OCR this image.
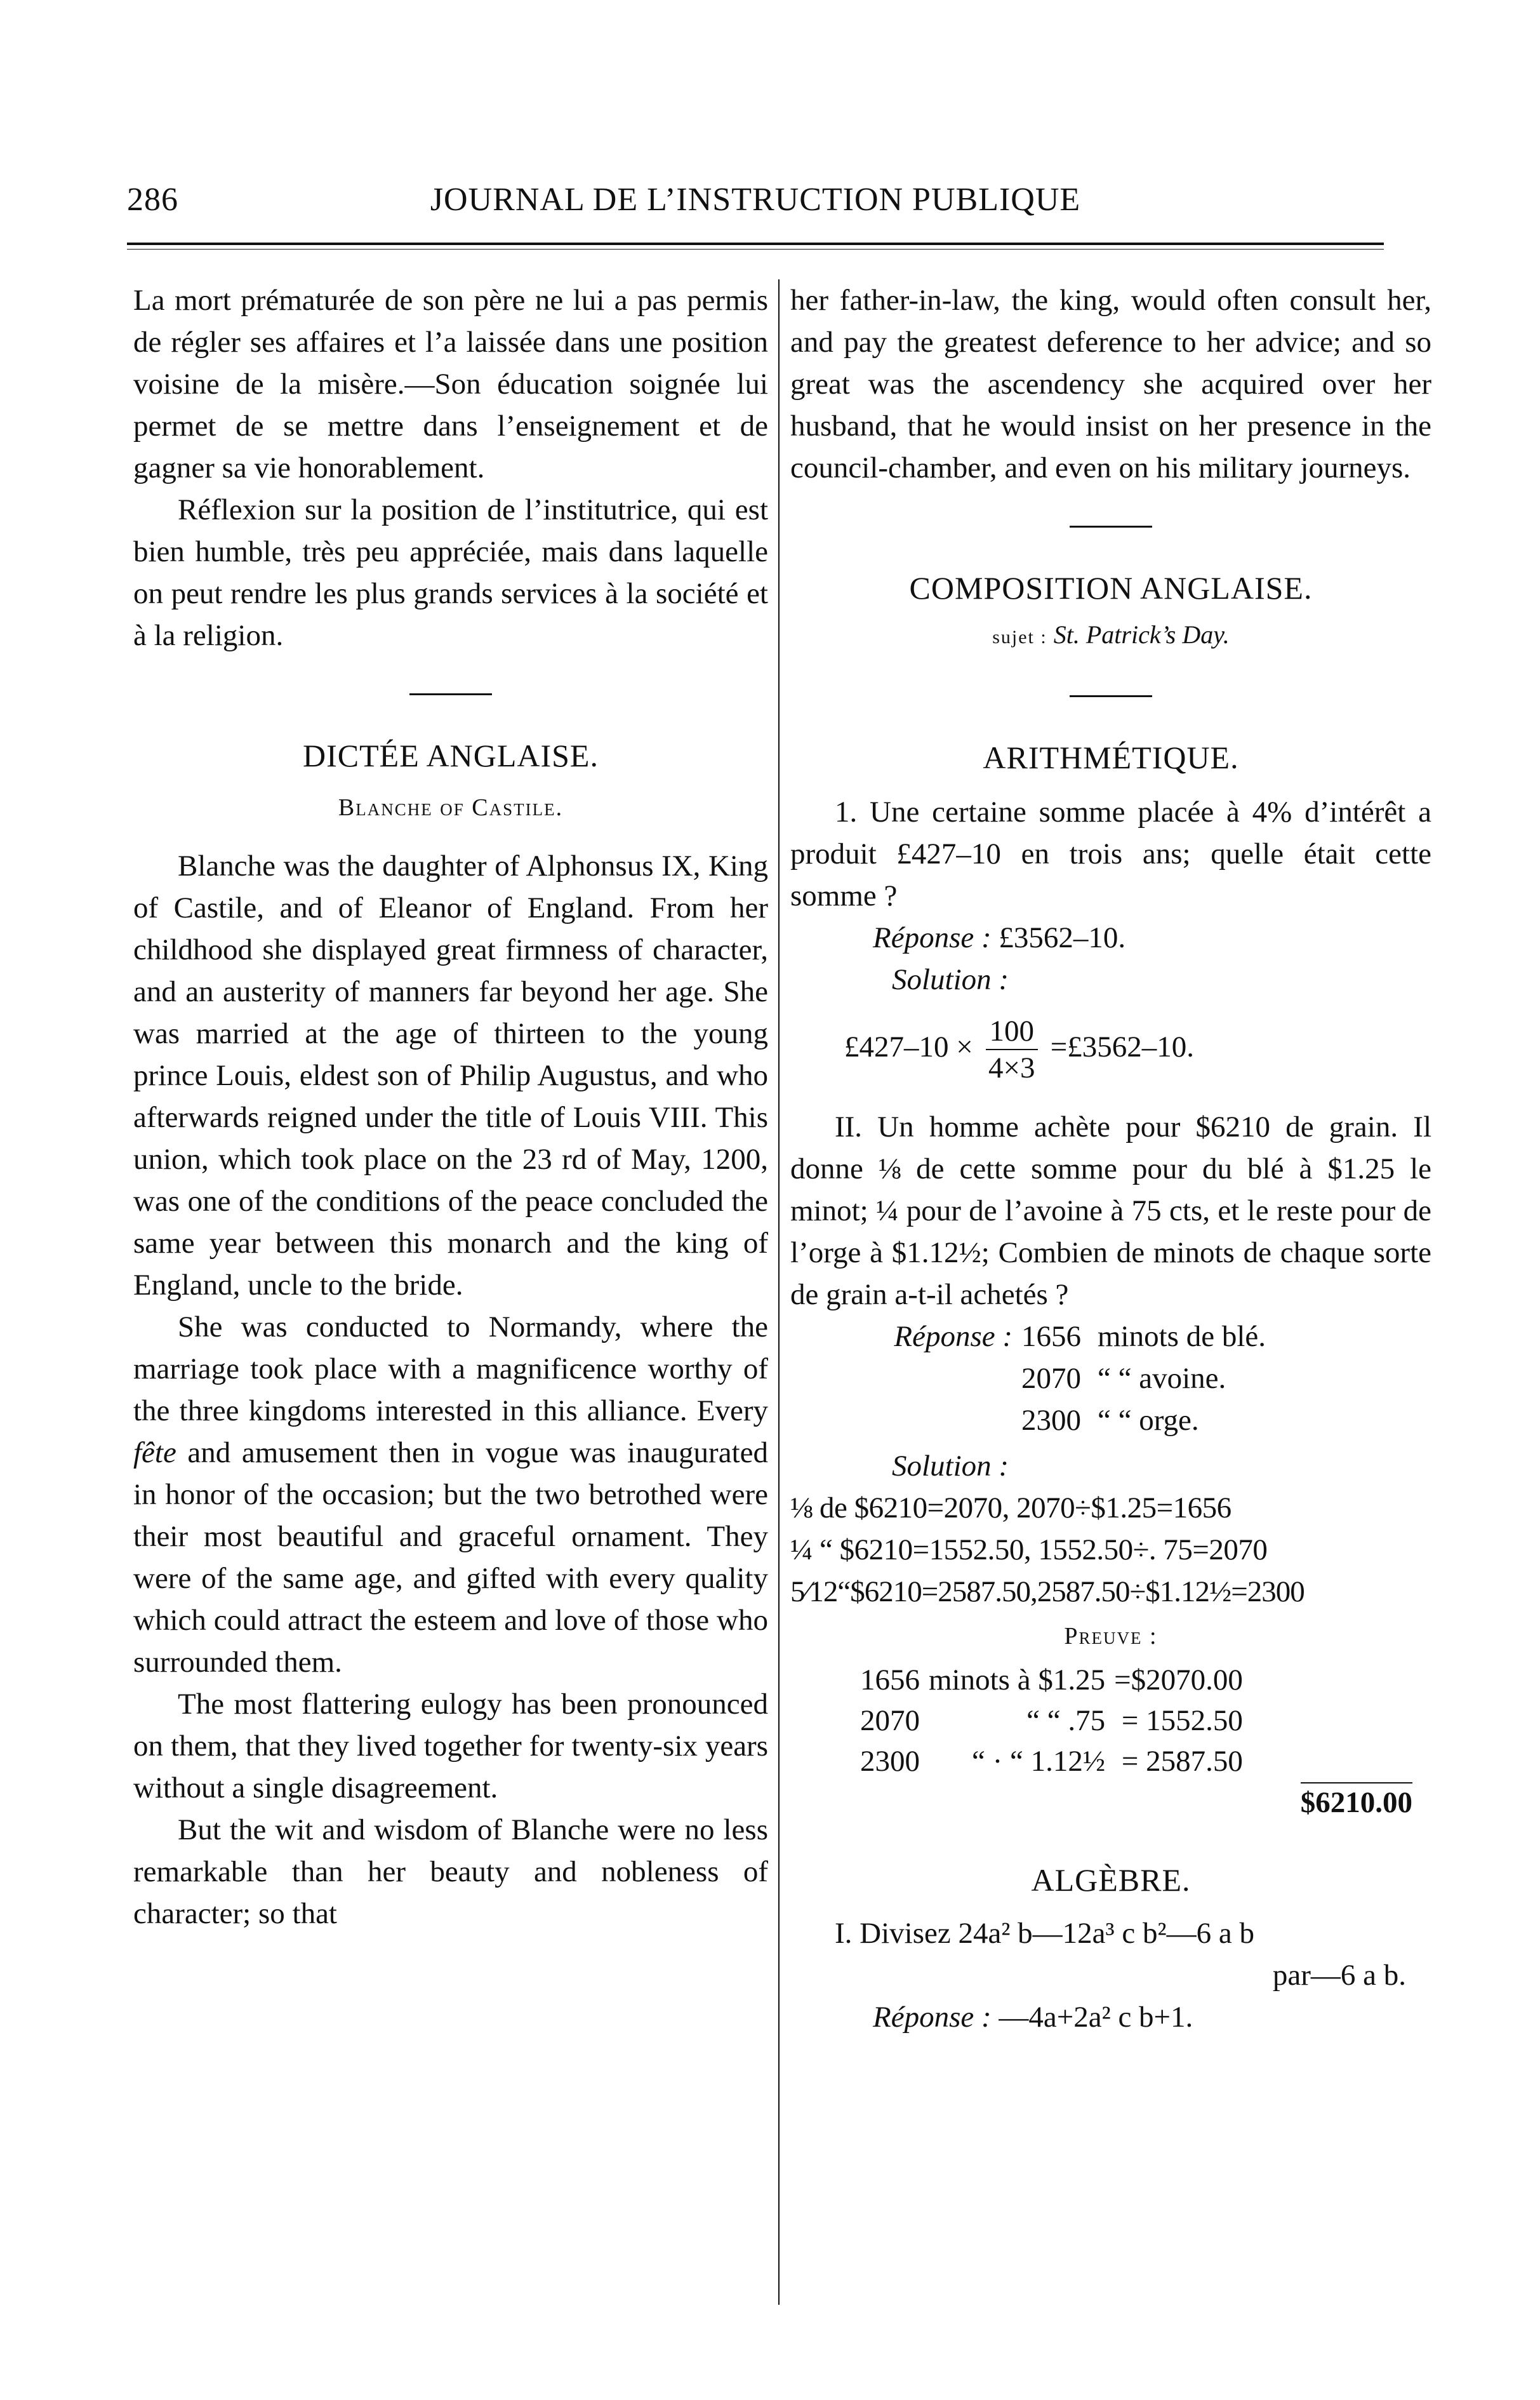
286	JOURNAL DE L’INSTRUCTION PUBLIQUE

La mort prématurée de son père ne lui a pas permis de régler ses affaires et l’a laissée dans une position voisine de la misère.—Son éducation soignée lui permet de se mettre dans l’enseignement et de gagner sa vie honorablement.

Réflexion sur la position de l’institutrice, qui est bien humble, très peu appréciée, mais dans laquelle on peut rendre les plus grands services à la société et à la religion.

DICTÉE ANGLAISE.

Blanche of Castile.

Blanche was the daughter of Alphonsus IX, King of Castile, and of Eleanor of England. From her childhood she displayed great firmness of character, and an austerity of manners far beyond her age. She was married at the age of thirteen to the young prince Louis, eldest son of Philip Augustus, and who afterwards reigned under the title of Louis VIII. This union, which took place on the 23 rd of May, 1200, was one of the conditions of the peace concluded the same year between this monarch and the king of England, uncle to the bride.

She was conducted to Normandy, where the marriage took place with a magnificence worthy of the three kingdoms interested in this alliance. Every fête and amusement then in vogue was inaugurated in honor of the occasion; but the two betrothed were their most beautiful and graceful ornament. They were of the same age, and gifted with every quality which could attract the esteem and love of those who surrounded them.

The most flattering eulogy has been pronounced on them, that they lived together for twenty-six years without a single disagreement.

But the wit and wisdom of Blanche were no less remarkable than her beauty and nobleness of character; so that

her father-in-law, the king, would often consult her, and pay the greatest deference to her advice; and so great was the ascendency she acquired over her husband, that he would insist on her presence in the council-chamber, and even on his military journeys.

COMPOSITION ANGLAISE.

sujet : St. Patrick’s Day.

ARITHMÉTIQUE.

1. Une certaine somme placée à 4% d’intérêt a produit £427–10 en trois ans; quelle était cette somme ?

Réponse : £3562–10.

Solution :

£427–10 × $\frac{100}{4\times 3}$ =£3562–10.

II. Un homme achète pour $6210 de grain. Il donne ⅛ de cette somme pour du blé à $1.25 le minot; ¼ pour de l’avoine à 75 cts, et le reste pour de l’orge à $1.12½; Combien de minots de chaque sorte de grain a-t-il achetés ?

Réponse :	1656	minots de blé.
	2070	“ “ avoine.
	2300	“ “ orge.

Solution :

⅛ de $6210=2070, 2070÷$1.25=1656

¼ “ $6210=1552.50, 1552.50÷. 75=2070

5⁄12“$6210=2587.50,2587.50÷$1.12½=2300

Preuve :

1656	minots à $1.25	=$2070.00
2070	“ “ .75	= 1552.50
2300	“ · “ 1.12½	= 2587.50

$6210.00

ALGÈBRE.

I. Divisez 24a² b—12a³ c b²—6 a b

par—6 a b.

Réponse : —4a+2a² c b+1.
